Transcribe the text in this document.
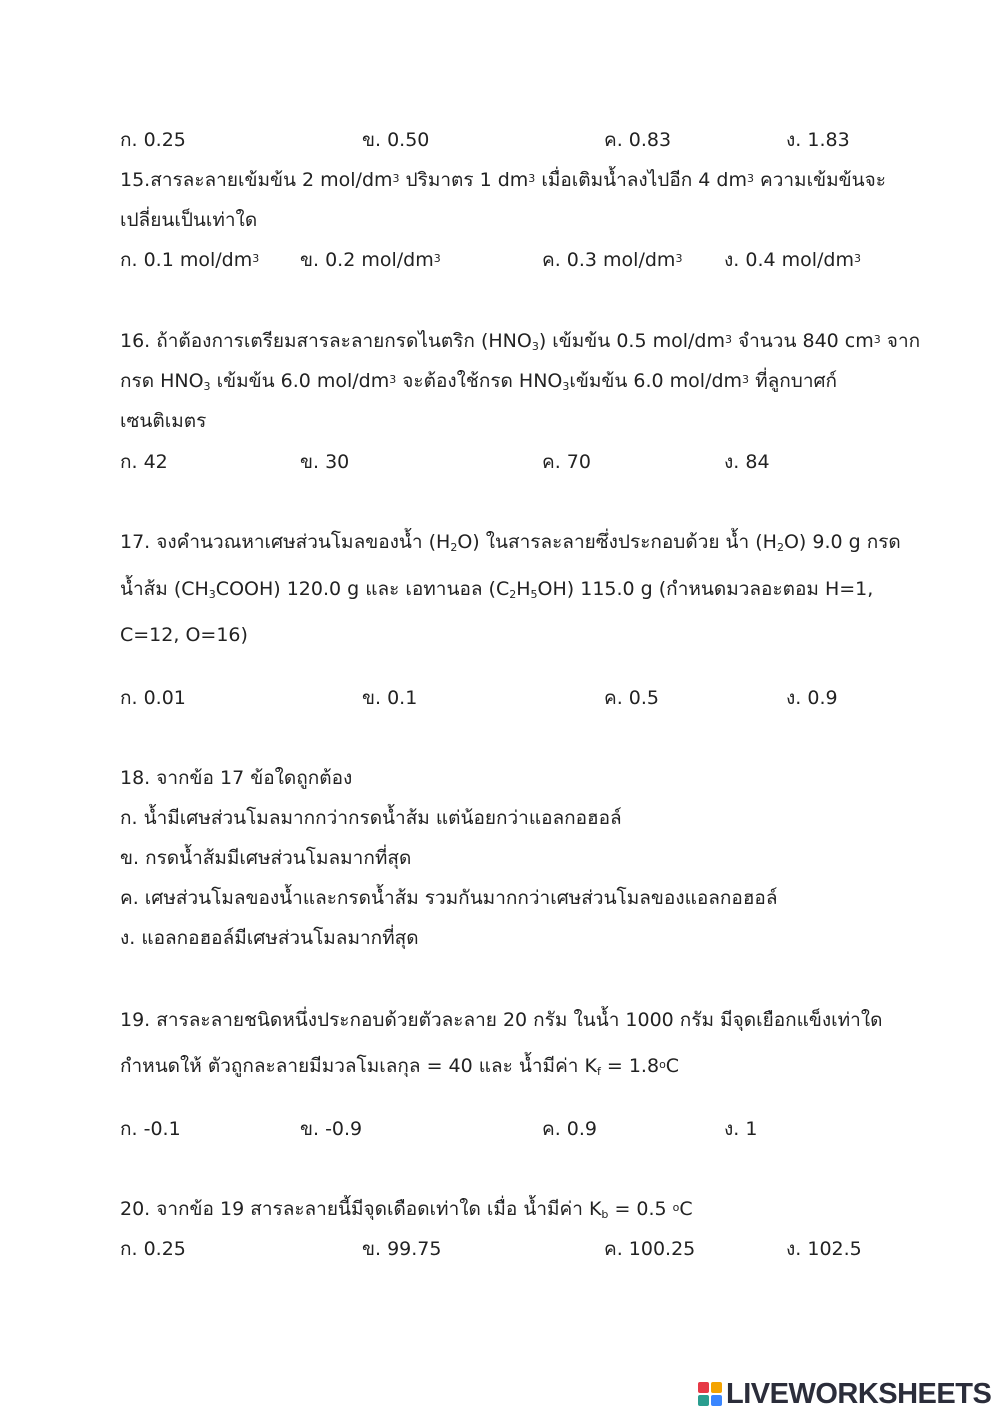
ก. 0.25	ข. 0.50	ค. 0.83	ง. 1.83
15.สารละลายเข้มข้น 2 mol/$dm^3$ ปริมาตร 1 $dm^3$ เมื่อเติมน้ำลงไปอีก 4 $dm^3$ ความเข้มข้นจะ
เปลี่ยนเป็นเท่าใด
ก. 0.1 mol/$dm^3$ ข. 0.2 mol/$dm^3$	ค. 0.3 mol/$dm^3$ ง. 0.4 mol/$dm^3$
16. ถ้าต้องการเตรียมสารละลายกรดไนตริก $(HNO_3)$ เข้มข้น 0.5 mol/$dm^3$ จำนวน 840 $cm^3$ จาก
กรด $HNO_3$ เข้มข้น 6.0 mol/$dm^3$ จะต้องใช้กรด $HNO_3$เข้มข้น 6.0 mol/$dm^3$ ที่ลูกบาศก์
เซนติเมตร
ก. 42	ข. 30	ค. 70	ง. 84
17. จงคำนวณหาเศษส่วนโมลของน้ำ $(H_2O)$ ในสารละลายซึ่งประกอบด้วย น้ำ $(H_2O)$ 9.0 g กรด
น้ำส้ม $(CH_3COOH)$ 120.0 g และ เอทานอล $(C_2H_5OH)$ 115.0 g (กำหนดมวลอะตอม H=1,
C=12, O=16)
ก. 0.01	ข. 0.1	ค. 0.5	ง. 0.9
18. จากข้อ 17 ข้อใดถูกต้อง
ก. น้ำมีเศษส่วนโมลมากกว่ากรดน้ำส้ม แต่น้อยกว่าแอลกอฮอล์
ข. กรดน้ำส้มมีเศษส่วนโมลมากที่สุด
ค. เศษส่วนโมลของน้ำและกรดน้ำส้ม รวมกันมากกว่าเศษส่วนโมลของแอลกอฮอล์
ง. แอลกอฮอล์มีเศษส่วนโมลมากที่สุด
19. สารละลายชนิดหนึ่งประกอบด้วยตัวละลาย 20 กรัม ในน้ำ 1000 กรัม มีจุดเยือกแข็งเท่าใด
กำหนดให้ ตัวถูกละลายมีมวลโมเลกุล = 40 และ น้ำมีค่า $K_f = 1.8^oC$
ก. -0.1	ข. -0.9	ค. 0.9	ง. 1
20. จากข้อ 19 สารละลายนี้มีจุดเดือดเท่าใด เมื่อ น้ำมีค่า $K_b = 0.5$ $^o$C
ก. 0.25	ข. 99.75	ค. 100.25	ง. 102.5
LIVEWORKSHEETS
